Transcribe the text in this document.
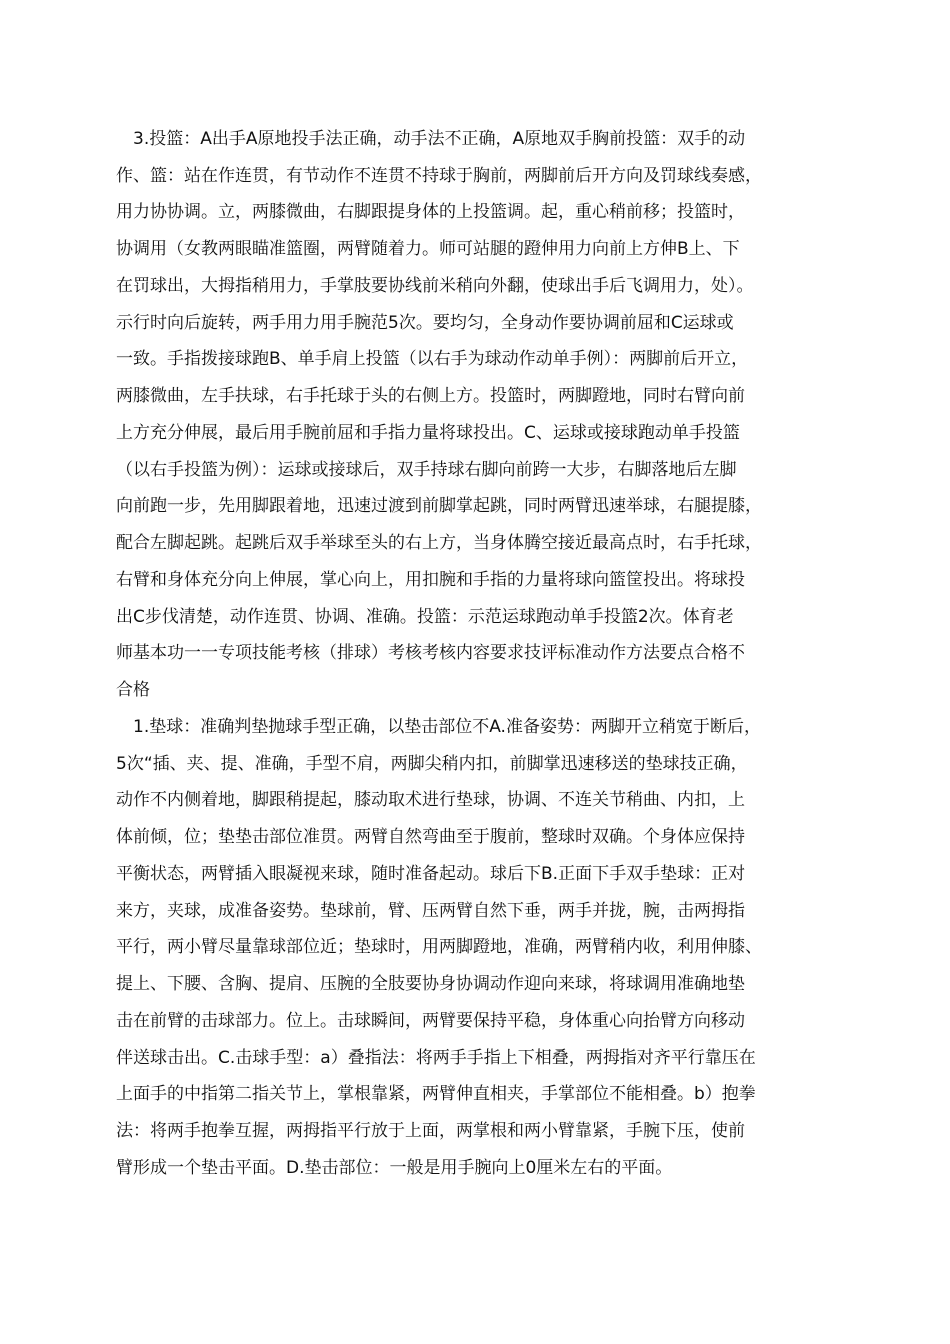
3.投篮：A出手A原地投手法正确，动手法不正确，A原地双手胸前投篮：双手的动
作、篮：站在作连贯，有节动作不连贯不持球于胸前，两脚前后开方向及罚球线奏感，
用力协协调。立，两膝微曲，右脚跟提身体的上投篮调。起，重心稍前移；投篮时，
协调用（女教两眼瞄准篮圈，两臂随着力。师可站腿的蹬伸用力向前上方伸B上、下
在罚球出，大拇指稍用力，手掌肢要协线前米稍向外翻，使球出手后飞调用力，处）。
示行时向后旋转，两手用力用手腕范5次。要均匀，全身动作要协调前屈和C运球或
一致。手指拨接球跑B、单手肩上投篮（以右手为球动作动单手例）：两脚前后开立，
两膝微曲，左手扶球，右手托球于头的右侧上方。投篮时，两脚蹬地，同时右臂向前
上方充分伸展，最后用手腕前屈和手指力量将球投出。C、运球或接球跑动单手投篮
（以右手投篮为例）：运球或接球后，双手持球右脚向前跨一大步，右脚落地后左脚
向前跑一步，先用脚跟着地，迅速过渡到前脚掌起跳，同时两臂迅速举球，右腿提膝，
配合左脚起跳。起跳后双手举球至头的右上方，当身体腾空接近最高点时，右手托球，
右臂和身体充分向上伸展，掌心向上，用扣腕和手指的力量将球向篮筐投出。将球投
出C步伐清楚，动作连贯、协调、准确。投篮：示范运球跑动单手投篮2次。体育老
师基本功一一专项技能考核（排球）考核考核内容要求技评标准动作方法要点合格不
合格
1.垫球：准确判垫抛球手型正确，以垫击部位不A.准备姿势：两脚开立稍宽于断后，
5次“插、夹、提、准确，手型不肩，两脚尖稍内扣，前脚掌迅速移送的垫球技正确，
动作不内侧着地，脚跟稍提起，膝动取术进行垫球，协调、不连关节稍曲、内扣，上
体前倾，位；垫垫击部位准贯。两臂自然弯曲至于腹前，整球时双确。个身体应保持
平衡状态，两臂插入眼凝视来球，随时准备起动。球后下B.正面下手双手垫球：正对
来方，夹球，成准备姿势。垫球前，臂、压两臂自然下垂，两手并拢，腕，击两拇指
平行，两小臂尽量靠球部位近；垫球时，用两脚蹬地，准确，两臂稍内收，利用伸膝、
提上、下腰、含胸、提肩、压腕的全肢要协身协调动作迎向来球，将球调用准确地垫
击在前臂的击球部力。位上。击球瞬间，两臂要保持平稳，身体重心向抬臂方向移动
伴送球击出。C.击球手型：a）叠指法：将两手手指上下相叠，两拇指对齐平行靠压在
上面手的中指第二指关节上，掌根靠紧，两臂伸直相夹，手掌部位不能相叠。b）抱拳
法：将两手抱拳互握，两拇指平行放于上面，两掌根和两小臂靠紧，手腕下压，使前
臂形成一个垫击平面。D.垫击部位：一般是用手腕向上0厘米左右的平面。
